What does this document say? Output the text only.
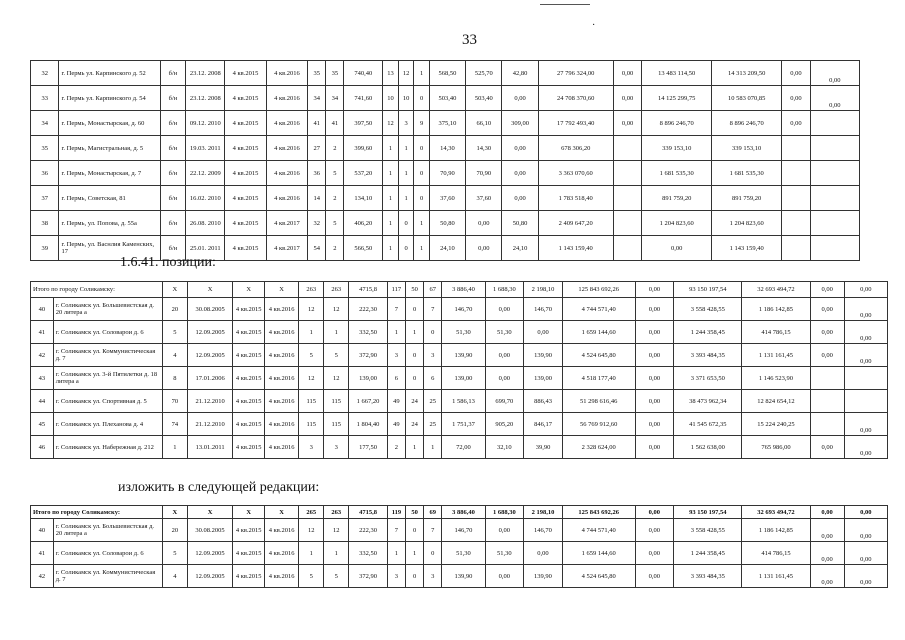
·
33
32	г. Пермь ул. Карпинского д. 52	б/н	23.12. 2008	4 кв.2015	4 кв.2016	35	35	740,40	13	12	1	568,50	525,70	42,80	27 796 324,00	0,00	13 483 114,50	14 313 209,50	0,00	0,00
33	г. Пермь ул. Карпинского д. 54	б/н	23.12. 2008	4 кв.2015	4 кв.2016	34	34	741,60	10	10	0	503,40	503,40	0,00	24 708 370,60	0,00	14 125 299,75	10 583 070,85	0,00	0,00
34	г. Пермь, Монастырская, д. 60	б/н	09.12. 2010	4 кв.2015	4 кв.2016	41	41	397,50	12	3	9	375,10	66,10	309,00	17 792 493,40	0,00	8 896 246,70	8 896 246,70	0,00	
35	г. Пермь, Магистральная, д. 5	б/н	19.03. 2011	4 кв.2015	4 кв.2016	27	2	399,60	1	1	0	14,30	14,30	0,00	678 306,20		339 153,10	339 153,10		
36	г. Пермь, Монастырская, д. 7	б/н	22.12. 2009	4 кв.2015	4 кв.2016	36	5	537,20	1	1	0	70,90	70,90	0,00	3 363 070,60		1 681 535,30	1 681 535,30		
37	г. Пермь, Советская, 81	б/н	16.02. 2010	4 кв.2015	4 кв.2016	14	2	134,10	1	1	0	37,60	37,60	0,00	1 783 518,40		891 759,20	891 759,20		
38	г. Пермь, ул. Попова, д. 55а	б/н	26.08. 2010	4 кв.2015	4 кв.2017	32	5	406,20	1	0	1	50,80	0,00	50,80	2 409 647,20		1 204 823,60	1 204 823,60		
39	г. Пермь, ул. Васнлия Каменских, 17	б/н	25.01. 2011	4 кв.2015	4 кв.2017	54	2	566,50	1	0	1	24,10	0,00	24,10	1 143 159,40		0,00	1 143 159,40		
1.6.41. позиции:
Итого по городу Соликамску:		X	X	X	X	263	263	4715,8	117	50	67	3 886,40	1 688,30	2 198,10	125 843 692,26	0,00	93 150 197,54	32 693 494,72	0,00	0,00
40	г. Соликамск ул. Большевистская д. 20 литера а	20	30.08.2005	4 кв.2015	4 кв.2016	12	12	222,30	7	0	7	146,70	0,00	146,70	4 744 571,40	0,00	3 558 428,55	1 186 142,85	0,00	0,00
41	г. Соликамск ул. Соловарои д. 6	5	12.09.2005	4 кв.2015	4 кв.2016	1	1	332,50	1	1	0	51,30	51,30	0,00	1 659 144,60	0,00	1 244 358,45	414 786,15	0,00	0,00
42	г. Соликамск ул. Коммунистическая д. 7	4	12.09.2005	4 кв.2015	4 кв.2016	5	5	372,90	3	0	3	139,90	0,00	139,90	4 524 645,80	0,00	3 393 484,35	1 131 161,45	0,00	0,00
43	г. Соликамск ул. 3-й Пятилетки д. 18 литера а	8	17.01.2006	4 кв.2015	4 кв.2016	12	12	139,00	6	0	6	139,00	0,00	139,00	4 518 177,40	0,00	3 371 653,50	1 146 523,90		
44	г. Соликамск ул. Спортивная д. 5	70	21.12.2010	4 кв.2015	4 кв.2016	115	115	1 667,20	49	24	25	1 586,13	699,70	886,43	51 298 616,46	0,00	38 473 962,34	12 824 654,12		
45	г. Соликамск ул. Плеханова д. 4	74	21.12.2010	4 кв.2015	4 кв.2016	115	115	1 804,40	49	24	25	1 751,37	905,20	846,17	56 769 912,60	0,00	41 545 672,35	15 224 240,25		0,00
46	г. Соликамск ул. Набережная д. 212	1	13.01.2011	4 кв.2015	4 кв.2016	3	3	177,50	2	1	1	72,00	32,10	39,90	2 328 624,00	0,00	1 562 638,00	765 986,00	0,00	0,00
изложить в следующей редакции:
Итого по городу Соликамску:		X	X	X	X	265	263	4715,8	119	50	69	3 886,40	1 688,30	2 198,10	125 843 692,26	0,00	93 150 197,54	32 693 494,72	0,00	0,00
40	г. Соликамск ул. Большевистская д. 20 литера а	20	30.08.2005	4 кв.2015	4 кв.2016	12	12	222,30	7	0	7	146,70	0,00	146,70	4 744 571,40	0,00	3 558 428,55	1 186 142,85	0,00	0,00
41	г. Соликамск ул. Соловарои д. 6	5	12.09.2005	4 кв.2015	4 кв.2016	1	1	332,50	1	1	0	51,30	51,30	0,00	1 659 144,60	0,00	1 244 358,45	414 786,15	0,00	0,00
42	г. Соликамск ул. Коммунистическая д. 7	4	12.09.2005	4 кв.2015	4 кв.2016	5	5	372,90	3	0	3	139,90	0,00	139,90	4 524 645,80	0,00	3 393 484,35	1 131 161,45	0,00	0,00
